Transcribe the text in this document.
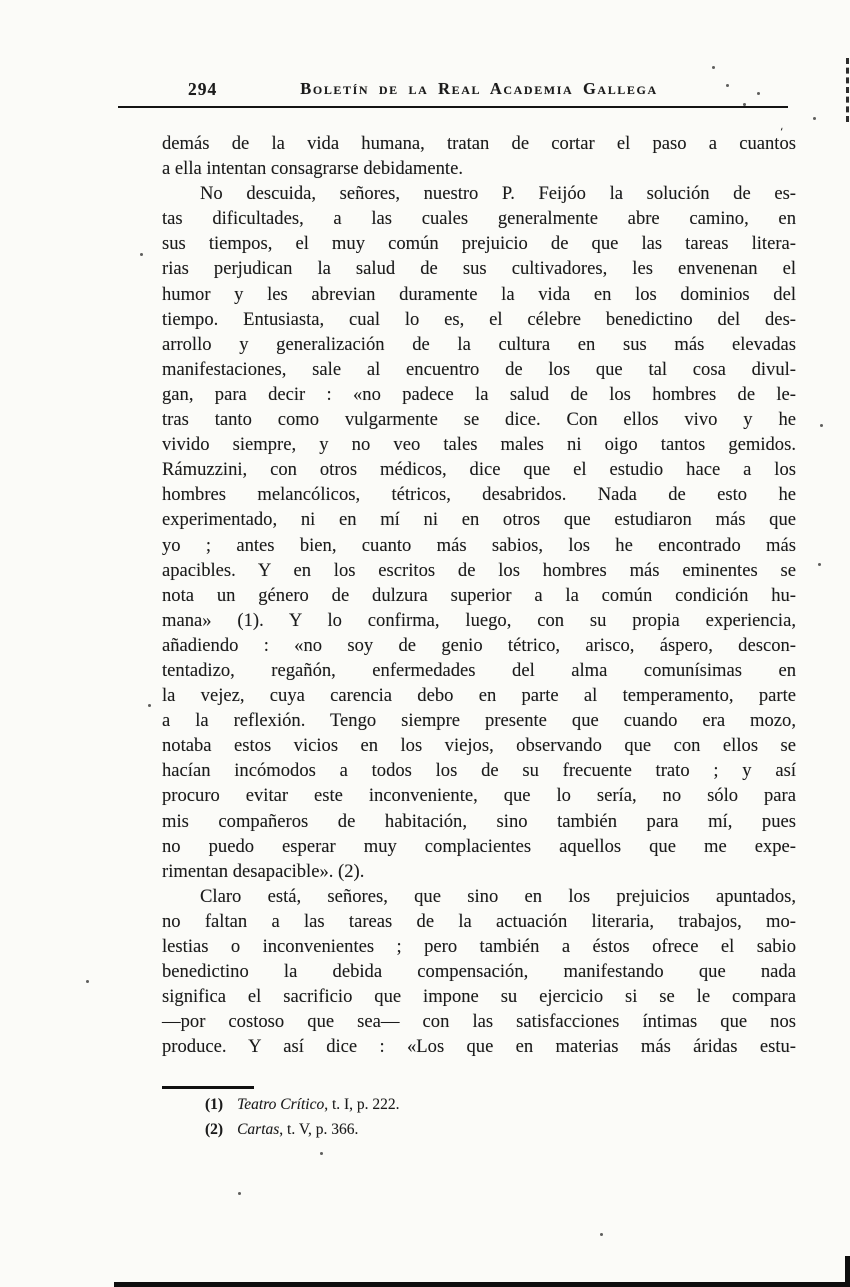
294	Boletín de la Real Academia Gallega
demás de la vida humana, tratan de cortar el paso a cuantos
a ella intentan consagrarse debidamente.
No descuida, señores, nuestro P. Feijóo la solución de es-
tas dificultades, a las cuales generalmente abre camino, en
sus tiempos, el muy común prejuicio de que las tareas litera-
rias perjudican la salud de sus cultivadores, les envenenan el
humor y les abrevian duramente la vida en los dominios del
tiempo. Entusiasta, cual lo es, el célebre benedictino del des-
arrollo y generalización de la cultura en sus más elevadas
manifestaciones, sale al encuentro de los que tal cosa divul-
gan, para decir : «no padece la salud de los hombres de le-
tras tanto como vulgarmente se dice. Con ellos vivo y he
vivido siempre, y no veo tales males ni oigo tantos gemidos.
Rámuzzini, con otros médicos, dice que el estudio hace a los
hombres melancólicos, tétricos, desabridos. Nada de esto he
experimentado, ni en mí ni en otros que estudiaron más que
yo ; antes bien, cuanto más sabios, los he encontrado más
apacibles. Y en los escritos de los hombres más eminentes se
nota un género de dulzura superior a la común condición hu-
mana» (1). Y lo confirma, luego, con su propia experiencia,
añadiendo : «no soy de genio tétrico, arisco, áspero, descon-
tentadizo, regañón, enfermedades del alma comunísimas en
la vejez, cuya carencia debo en parte al temperamento, parte
a la reflexión. Tengo siempre presente que cuando era mozo,
notaba estos vicios en los viejos, observando que con ellos se
hacían incómodos a todos los de su frecuente trato ; y así
procuro evitar este inconveniente, que lo sería, no sólo para
mis compañeros de habitación, sino también para mí, pues
no puedo esperar muy complacientes aquellos que me expe-
rimentan desapacible». (2).
Claro está, señores, que sino en los prejuicios apuntados,
no faltan a las tareas de la actuación literaria, trabajos, mo-
lestias o inconvenientes ; pero también a éstos ofrece el sabio
benedictino la debida compensación, manifestando que nada
significa el sacrificio que impone su ejercicio si se le compara
—por costoso que sea— con las satisfacciones íntimas que nos
produce. Y así dice : «Los que en materias más áridas estu-
(1) Teatro Crítico, t. I, p. 222.
(2) Cartas, t. V, p. 366.
⸲
